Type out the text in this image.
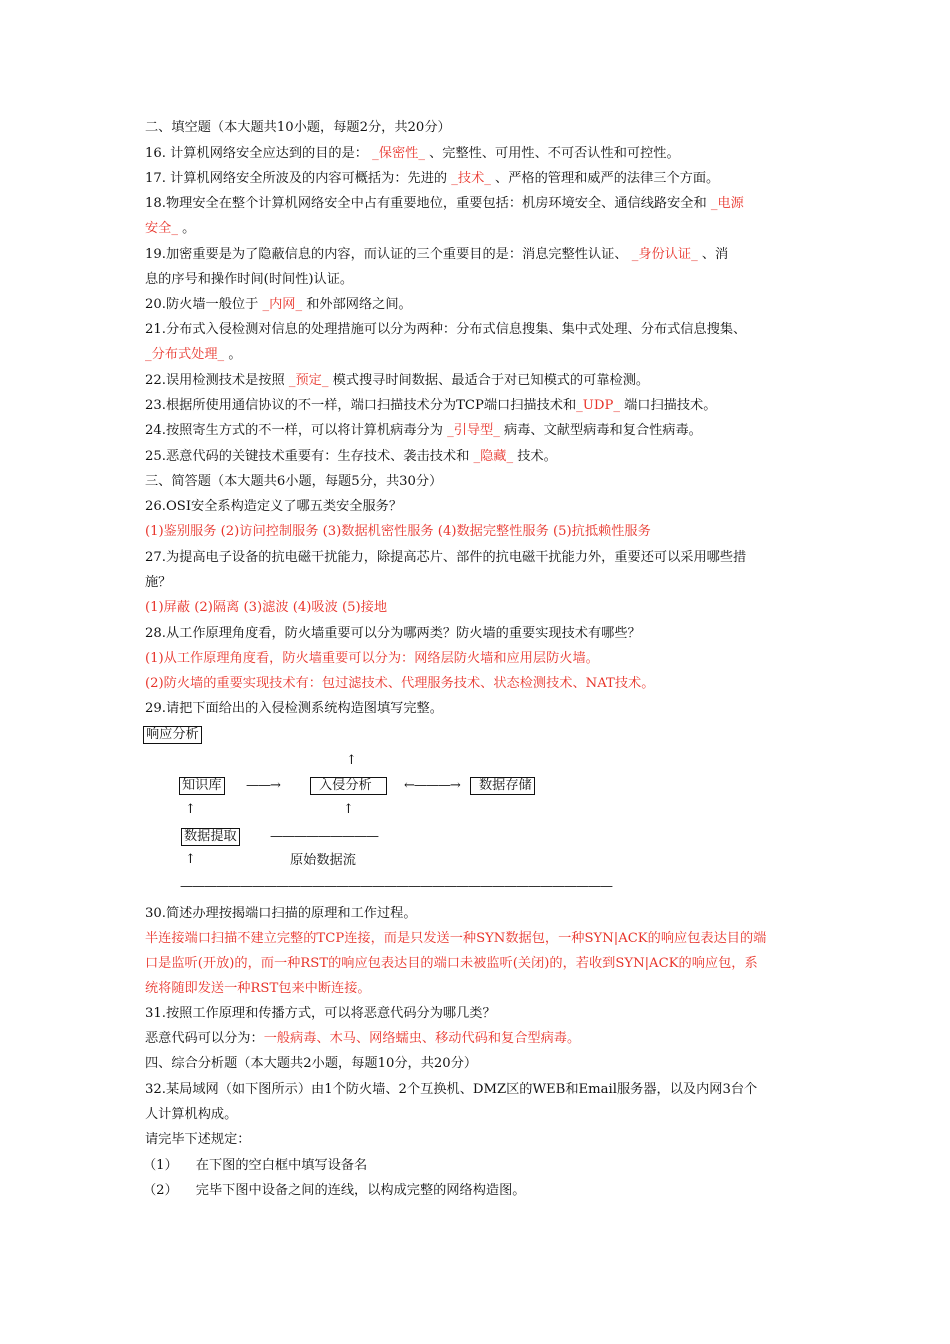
二、填空题（本大题共10小题，每题2分，共20分）
16. 计算机网络安全应达到的目的是： _保密性_ 、完整性、可用性、不可否认性和可控性。
17. 计算机网络安全所波及的内容可概括为：先进的 _技术_ 、严格的管理和威严的法律三个方面。
18.物理安全在整个计算机网络安全中占有重要地位，重要包括：机房环境安全、通信线路安全和 _电源
安全_ 。
19.加密重要是为了隐蔽信息的内容，而认证的三个重要目的是：消息完整性认证、 _身份认证_ 、消
息的序号和操作时间(时间性)认证。
20.防火墙一般位于 _内网_ 和外部网络之间。
21.分布式入侵检测对信息的处理措施可以分为两种：分布式信息搜集、集中式处理、分布式信息搜集、
_分布式处理_ 。
22.误用检测技术是按照 _预定_ 模式搜寻时间数据、最适合于对已知模式的可靠检测。
23.根据所使用通信协议的不一样，端口扫描技术分为TCP端口扫描技术和_UDP_ 端口扫描技术。
24.按照寄生方式的不一样，可以将计算机病毒分为 _引导型_ 病毒、文献型病毒和复合性病毒。
25.恶意代码的关键技术重要有：生存技术、袭击技术和 _隐藏_ 技术。
三、简答题（本大题共6小题，每题5分，共30分）
26.OSI安全系构造定义了哪五类安全服务？
(1)鉴别服务 (2)访问控制服务 (3)数据机密性服务 (4)数据完整性服务 (5)抗抵赖性服务
27.为提高电子设备的抗电磁干扰能力，除提高芯片、部件的抗电磁干扰能力外，重要还可以采用哪些措
施？
(1)屏蔽 (2)隔离 (3)滤波 (4)吸波 (5)接地
28.从工作原理角度看，防火墙重要可以分为哪两类？防火墙的重要实现技术有哪些？
(1)从工作原理角度看，防火墙重要可以分为：网络层防火墙和应用层防火墙。
(2)防火墙的重要实现技术有：包过滤技术、代理服务技术、状态检测技术、NAT技术。
29.请把下面给出的入侵检测系统构造图填写完整。
响应分析
↑
知识库 ——→	入侵分析	←———→	数据存储
↑	↑
数据提取	—————————
↑	原始数据流
————————————————————————————————————
30.简述办理按揭端口扫描的原理和工作过程。
半连接端口扫描不建立完整的TCP连接，而是只发送一种SYN数据包，一种SYN|ACK的响应包表达目的端
口是监听(开放)的，而一种RST的响应包表达目的端口未被监听(关闭)的，若收到SYN|ACK的响应包，系
统将随即发送一种RST包来中断连接。
31.按照工作原理和传播方式，可以将恶意代码分为哪几类？
恶意代码可以分为：一般病毒、木马、网络蠕虫、移动代码和复合型病毒。
四、综合分析题（本大题共2小题，每题10分，共20分）
32.某局域网（如下图所示）由1个防火墙、2个互换机、DMZ区的WEB和Email服务器，以及内网3台个
人计算机构成。
请完毕下述规定：
（1） 在下图的空白框中填写设备名
（2） 完毕下图中设备之间的连线，以构成完整的网络构造图。
